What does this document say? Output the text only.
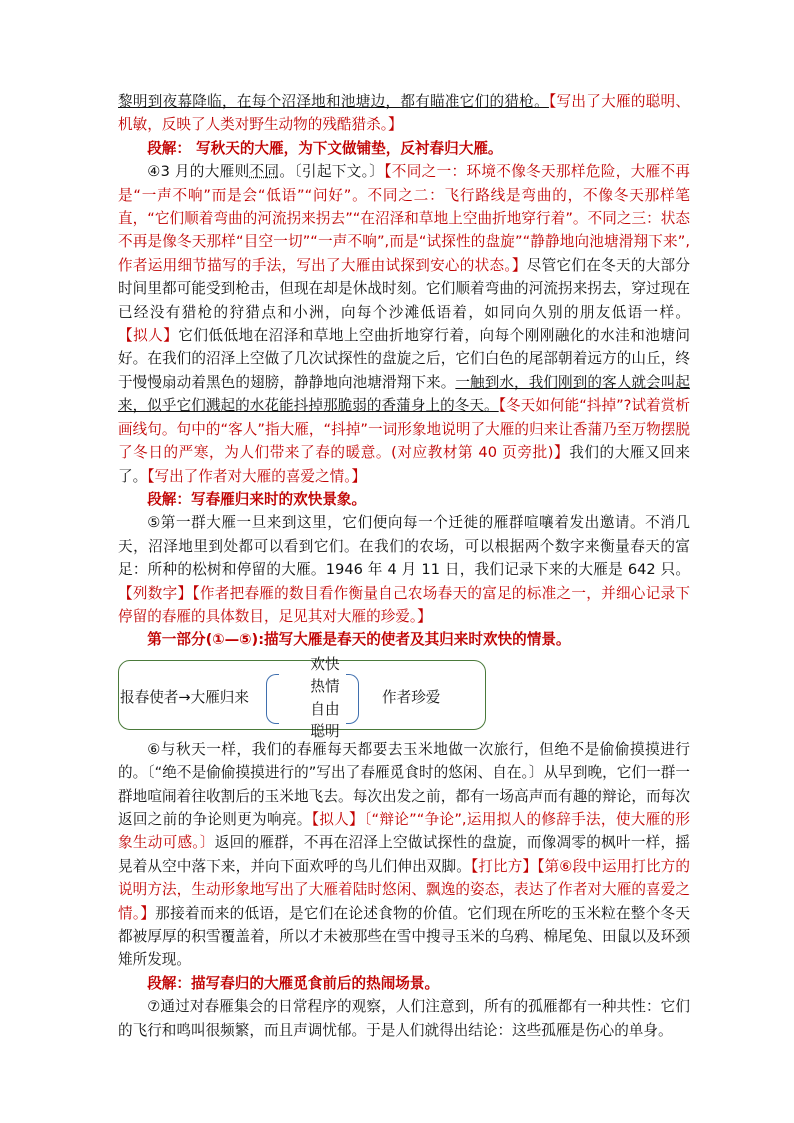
黎明到夜幕降临，在每个沼泽地和池塘边，都有瞄准它们的猎枪。【写出了大雁的聪明、机敏，反映了人类对野生动物的残酷猎杀。】

段解： 写秋天的大雁，为下文做铺垫，反衬春归大雁。

④3 月的大雁则不同。〔引起下文。〕【不同之一：环境不像冬天那样危险，大雁不再是“一声不响”而是会“低语”“问好”。不同之二：飞行路线是弯曲的，不像冬天那样笔直，“它们顺着弯曲的河流拐来拐去”“在沼泽和草地上空曲折地穿行着”。不同之三：状态不再是像冬天那样“目空一切”“一声不响”,而是“试探性的盘旋”“静静地向池塘滑翔下来”,作者运用细节描写的手法，写出了大雁由试探到安心的状态。】尽管它们在冬天的大部分时间里都可能受到枪击，但现在却是休战时刻。它们顺着弯曲的河流拐来拐去，穿过现在已经没有猎枪的狩猎点和小洲，向每个沙滩低语着，如同向久别的朋友低语一样。【拟人】它们低低地在沼泽和草地上空曲折地穿行着，向每个刚刚融化的水洼和池塘问好。在我们的沼泽上空做了几次试探性的盘旋之后，它们白色的尾部朝着远方的山丘，终于慢慢扇动着黑色的翅膀，静静地向池塘滑翔下来。一触到水，我们刚到的客人就会叫起来，似乎它们溅起的水花能抖掉那脆弱的香蒲身上的冬天。【冬天如何能“抖掉”?试着赏析画线句。句中的“客人”指大雁，“抖掉”一词形象地说明了大雁的归来让香蒲乃至万物摆脱了冬日的严寒，为人们带来了春的暖意。(对应教材第 40 页旁批)】我们的大雁又回来了。【写出了作者对大雁的喜爱之情。】

段解：写春雁归来时的欢快景象。

⑤第一群大雁一旦来到这里，它们便向每一个迁徙的雁群喧嚷着发出邀请。不消几天，沼泽地里到处都可以看到它们。在我们的农场，可以根据两个数字来衡量春天的富足：所种的松树和停留的大雁。1946 年 4 月 11 日，我们记录下来的大雁是 642 只。【列数字】【作者把春雁的数目看作衡量自己农场春天的富足的标准之一，并细心记录下停留的春雁的具体数目，足见其对大雁的珍爱。】

第一部分(①—⑤):描写大雁是春天的使者及其归来时欢快的情景。

报春使者→大雁归来
欢快
热情
自由
聪明
作者珍爱

⑥与秋天一样，我们的春雁每天都要去玉米地做一次旅行，但绝不是偷偷摸摸进行的。〔“绝不是偷偷摸摸进行的”写出了春雁觅食时的悠闲、自在。〕从早到晚，它们一群一群地喧闹着往收割后的玉米地飞去。每次出发之前，都有一场高声而有趣的辩论，而每次返回之前的争论则更为响亮。【拟人】〔“辩论”“争论”,运用拟人的修辞手法，使大雁的形象生动可感。〕返回的雁群，不再在沼泽上空做试探性的盘旋，而像凋零的枫叶一样，摇晃着从空中落下来，并向下面欢呼的鸟儿们伸出双脚。【打比方】【第⑥段中运用打比方的说明方法，生动形象地写出了大雁着陆时悠闲、飘逸的姿态，表达了作者对大雁的喜爱之情。】那接着而来的低语，是它们在论述食物的价值。它们现在所吃的玉米粒在整个冬天都被厚厚的积雪覆盖着，所以才未被那些在雪中搜寻玉米的乌鸦、棉尾兔、田鼠以及环颈雉所发现。

段解：描写春归的大雁觅食前后的热闹场景。

⑦通过对春雁集会的日常程序的观察，人们注意到，所有的孤雁都有一种共性：它们的飞行和鸣叫很频繁，而且声调忧郁。于是人们就得出结论：这些孤雁是伤心的单身。
